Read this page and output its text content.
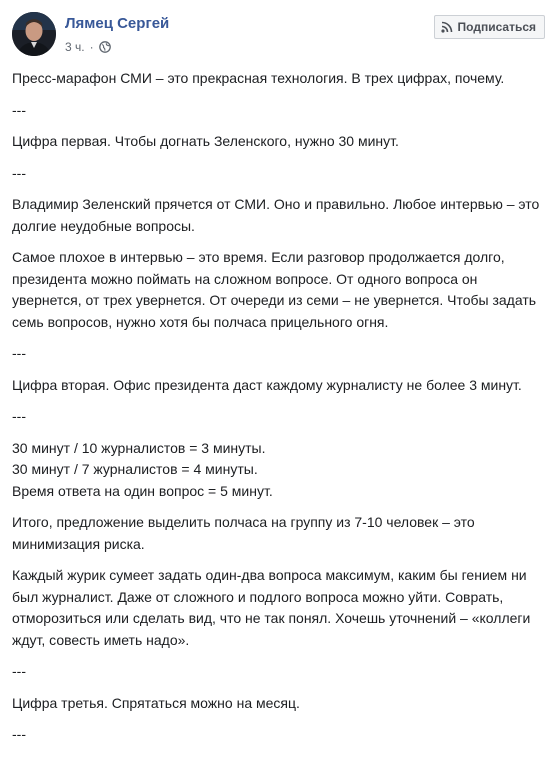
Лямец Сергей
3 ч. ·
Подписаться

Пресс-марафон СМИ – это прекрасная технология. В трех цифрах, почему.

---

Цифра первая. Чтобы догнать Зеленского, нужно 30 минут.

---

Владимир Зеленский прячется от СМИ. Оно и правильно. Любое интервью – это долгие неудобные вопросы.

Самое плохое в интервью – это время. Если разговор продолжается долго, президента можно поймать на сложном вопросе. От одного вопроса он увернется, от трех увернется. От очереди из семи – не увернется. Чтобы задать семь вопросов, нужно хотя бы полчаса прицельного огня.

---

Цифра вторая. Офис президента даст каждому журналисту не более 3 минут.

---

30 минут / 10 журналистов = 3 минуты.
30 минут / 7 журналистов = 4 минуты.
Время ответа на один вопрос = 5 минут.

Итого, предложение выделить полчаса на группу из 7-10 человек – это минимизация риска.

Каждый журик сумеет задать один-два вопроса максимум, каким бы гением ни был журналист. Даже от сложного и подлого вопроса можно уйти. Соврать, отморозиться или сделать вид, что не так понял. Хочешь уточнений – «коллеги ждут, совесть иметь надо».

---

Цифра третья. Спрятаться можно на месяц.

---
